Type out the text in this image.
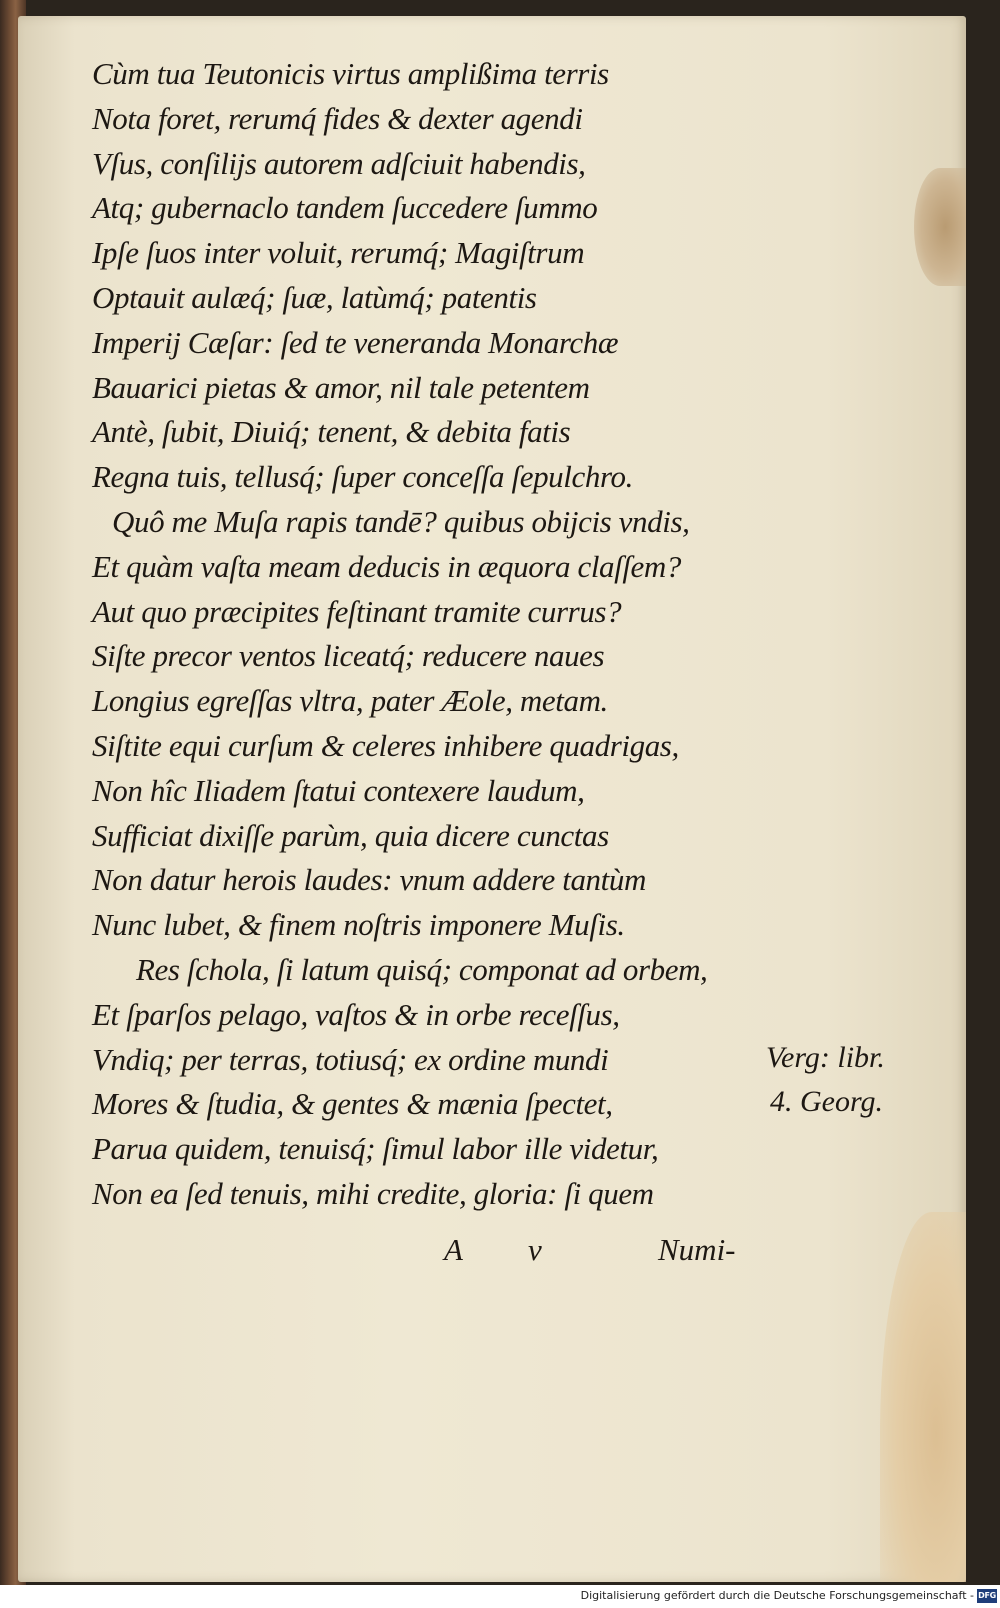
Cùm tua Teutonicis virtus amplißima terris
Nota foret, rerumq́ fides & dexter agendi
Vſus, conſilijs autorem adſciuit habendis,
Atq; gubernaclo tandem ſuccedere ſummo
Ipſe ſuos inter voluit, rerumq́; Magiſtrum
Optauit aulæq́; ſuæ, latùmq́; patentis
Imperij Cæſar: ſed te veneranda Monarchæ
Bauarici pietas & amor, nil tale petentem
Antè, ſubit, Diuiq́; tenent, & debita fatis
Regna tuis, tellusq́; ſuper conceſſa ſepulchro.
Quô me Muſa rapis tandē? quibus obijcis vndis,
Et quàm vaſta meam deducis in æquora claſſem?
Aut quo præcipites feſtinant tramite currus?
Siſte precor ventos liceatq́; reducere naues
Longius egreſſas vltra, pater Æole, metam.
Siſtite equi curſum & celeres inhibere quadrigas,
Non hîc Iliadem ſtatui contexere laudum,
Sufficiat dixiſſe parùm, quia dicere cunctas
Non datur herois laudes: vnum addere tantùm
Nunc lubet, & finem noſtris imponere Muſis.
Res ſchola, ſi latum quisq́; componat ad orbem,
Et ſparſos pelago, vaſtos & in orbe receſſus,
Vndiq; per terras, totiusq́; ex ordine mundi
Mores & ſtudia, & gentes & mænia ſpectet,
Parua quidem, tenuisq́; ſimul labor ille videtur,
Non ea ſed tenuis, mihi credite, gloria: ſi quem
A v	Numi-
Verg: libr.
4. Georg.
Digitalisierung gefördert durch die Deutsche Forschungsgemeinschaft - DFG
